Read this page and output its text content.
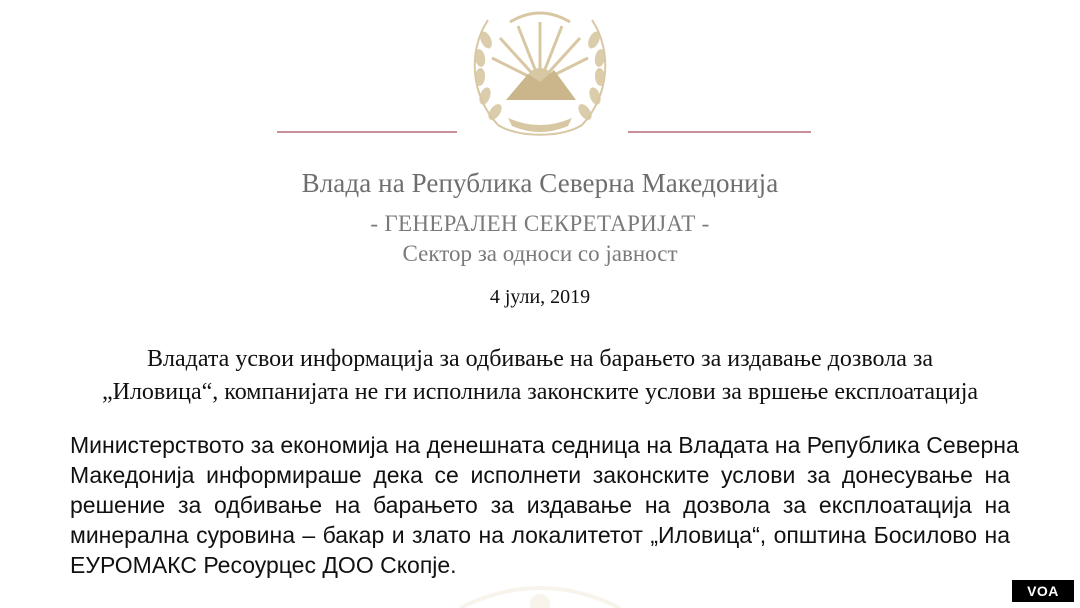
Влада на Република Северна Македонија
- ГЕНЕРАЛЕН СЕКРЕТАРИЈАТ -
Сектор за односи со јавност
4 јули, 2019
Владата усвои информација за одбивање на барањето за издавање дозвола за
„Иловица“, компанијата не ги исполнила законските услови за вршење експлоатација
Министерството за економија на денешната седница на Владата на Република Северна
Македонија информираше дека се исполнети законските услови за донесување на
решение за одбивање на барањето за издавање на дозвола за експлоатација на
минерална суровина – бакар и злато на локалитетот „Иловица“, општина Босилово на
ЕУРОМАКС Ресоурцес ДОО Скопје.
VOA
